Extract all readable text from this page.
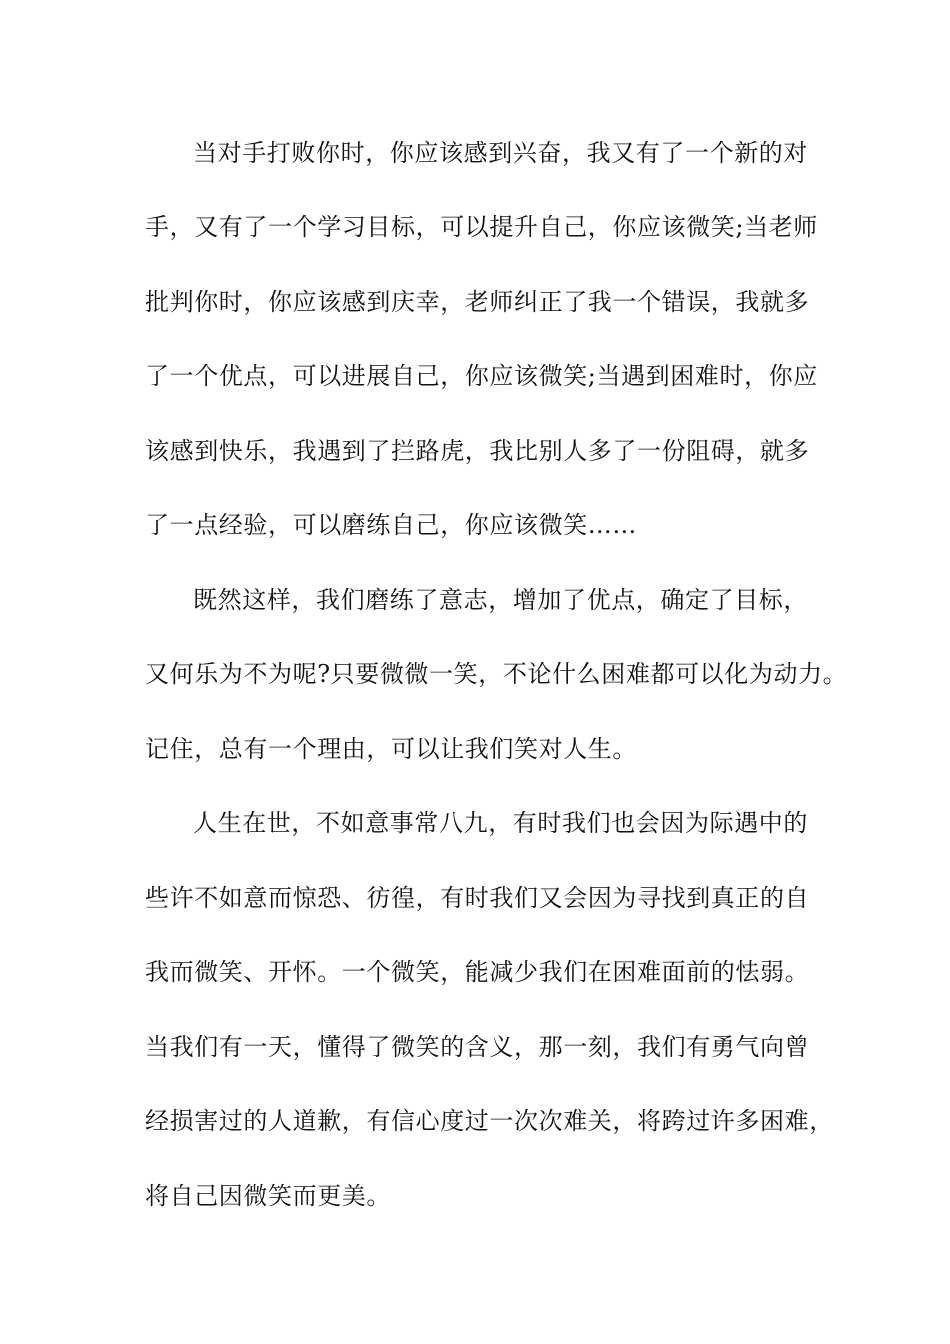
当对手打败你时，你应该感到兴奋，我又有了一个新的对
手，又有了一个学习目标，可以提升自己，你应该微笑;当老师
批判你时，你应该感到庆幸，老师纠正了我一个错误，我就多
了一个优点，可以进展自己，你应该微笑;当遇到困难时，你应
该感到快乐，我遇到了拦路虎，我比别人多了一份阻碍，就多
了一点经验，可以磨练自己，你应该微笑……
既然这样，我们磨练了意志，增加了优点，确定了目标，
又何乐为不为呢?只要微微一笑，不论什么困难都可以化为动力。
记住，总有一个理由，可以让我们笑对人生。
人生在世，不如意事常八九，有时我们也会因为际遇中的
些许不如意而惊恐、彷徨，有时我们又会因为寻找到真正的自
我而微笑、开怀。一个微笑，能减少我们在困难面前的怯弱。
当我们有一天，懂得了微笑的含义，那一刻，我们有勇气向曾
经损害过的人道歉，有信心度过一次次难关，将跨过许多困难，
将自己因微笑而更美。
